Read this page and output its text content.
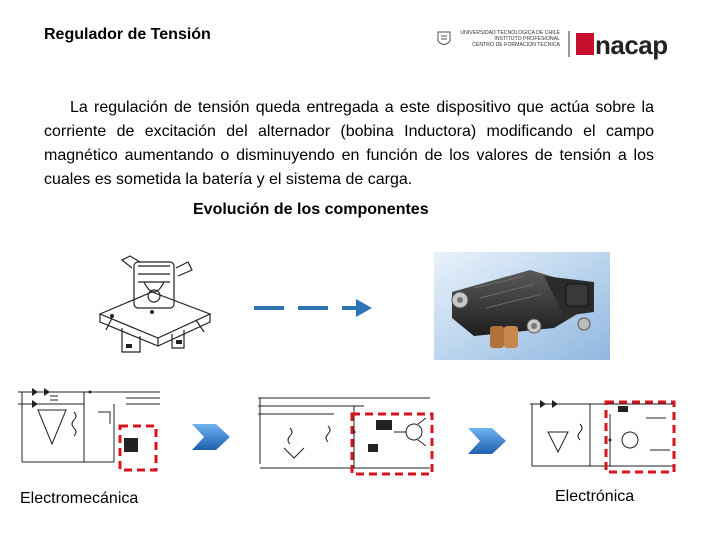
Regulador de Tensión	UNIVERSIDAD TECNOLOGICA DE CHILE
INSTITUTO PROFESIONAL
CENTRO DE FORMACION TECNICA nacap
La regulación de tensión queda entregada a este dispositivo que actúa sobre la corriente de excitación del alternador (bobina Inductora) modificando el campo magnético aumentando o disminuyendo en función de los valores de tensión a los cuales es sometida la batería y el sistema de carga.
Evolución de los componentes
Electromecánica	Electrónica
